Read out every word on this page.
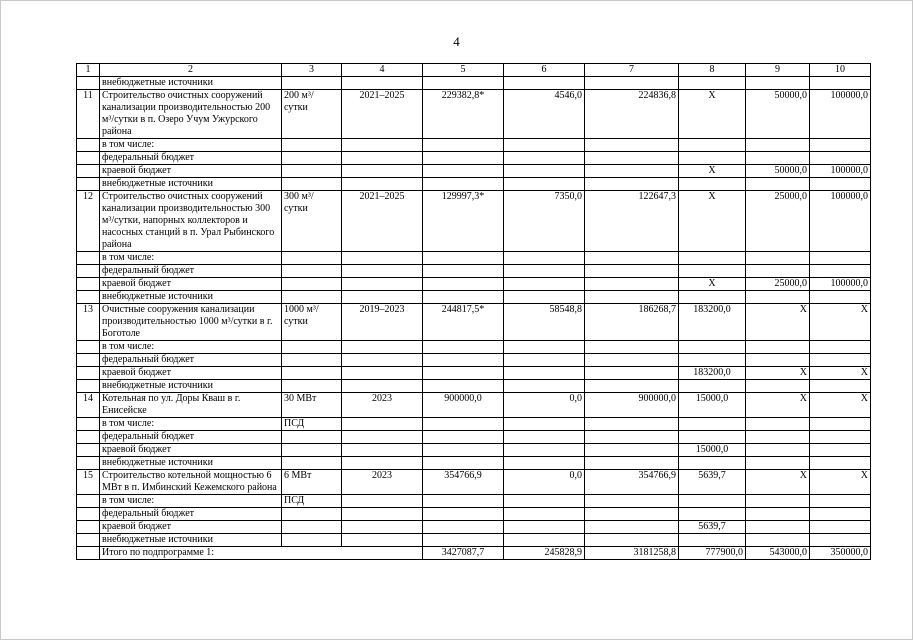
4
1	2	3	4	5	6	7	8	9	10
	внебюджетные источники								
11	Строительство очистных сооружений канализации производительностью 200 м³/сутки в п. Озеро Учум Ужурского района	200 м³/ сутки	2021–2025	229382,8*	4546,0	224836,8	Х	50000,0	100000,0
	в том числе:								
	федеральный бюджет								
	краевой бюджет						Х	50000,0	100000,0
	внебюджетные источники								
12	Строительство очистных сооружений канализации производительностью 300 м³/сутки, напорных коллекторов и насосных станций в п. Урал Рыбинского района	300 м³/ сутки	2021–2025	129997,3*	7350,0	122647,3	Х	25000,0	100000,0
	в том числе:								
	федеральный бюджет								
	краевой бюджет						Х	25000,0	100000,0
	внебюджетные источники								
13	Очистные сооружения канализации производительностью 1000 м³/сутки в г. Боготоле	1000 м³/сутки	2019–2023	244817,5*	58548,8	186268,7	183200,0	Х	Х
	в том числе:								
	федеральный бюджет								
	краевой бюджет						183200,0	Х	Х
	внебюджетные источники								
14	Котельная по ул. Доры Кваш в г. Енисейске	30 МВт	2023	900000,0	0,0	900000,0	15000,0	Х	Х
	в том числе:	ПСД							
	федеральный бюджет								
	краевой бюджет						15000,0		
	внебюджетные источники								
15	Строительство котельной мощностью 6 МВт в п. Имбинский Кежемского района	6 МВт	2023	354766,9	0,0	354766,9	5639,7	Х	Х
	в том числе:	ПСД							
	федеральный бюджет								
	краевой бюджет						5639,7		
	внебюджетные источники								
	Итого по подпрограмме 1:			3427087,7	245828,9	3181258,8	777900,0	543000,0	350000,0
